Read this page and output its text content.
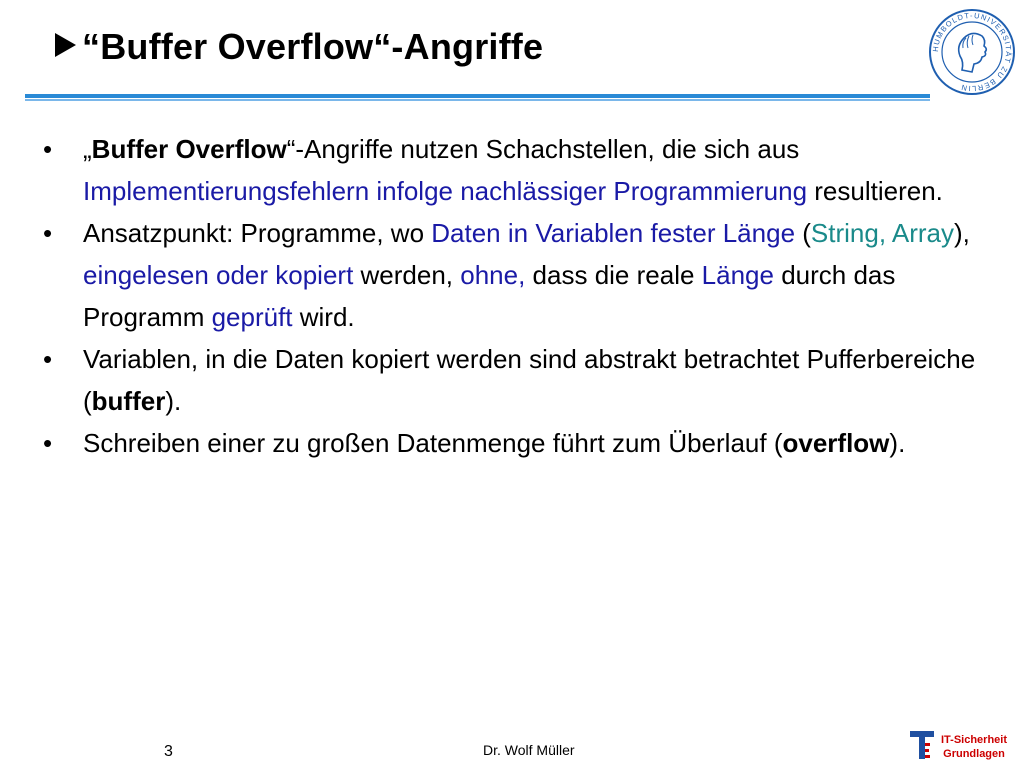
“Buffer Overflow“-Angriffe	HUMBOLDT-UNIVERSITÄT ZU BERLIN
• „Buffer Overflow“-Angriffe nutzen Schachstellen, die sich aus Implementierungsfehlern infolge nachlässiger Programmierung resultieren.
• Ansatzpunkt: Programme, wo Daten in Variablen fester Länge (String, Array), eingelesen oder kopiert werden, ohne, dass die reale Länge durch das Programm geprüft wird.
• Variablen, in die Daten kopiert werden sind abstrakt betrachtet Pufferbereiche (buffer).
• Schreiben einer zu großen Datenmenge führt zum Überlauf (overflow).
3	Dr. Wolf Müller
IT-Sicherheit
Grundlagen
